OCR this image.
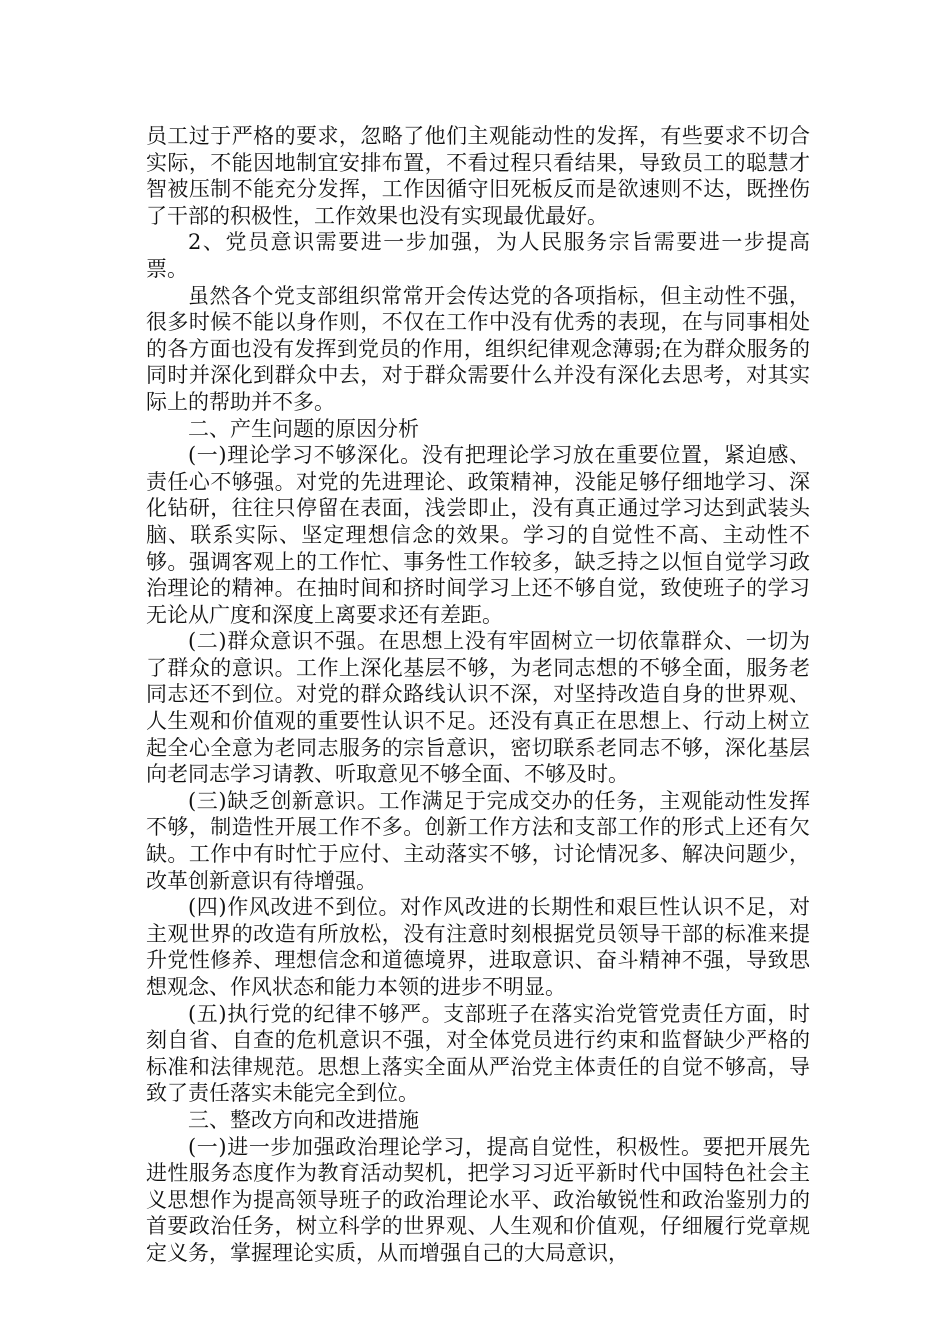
员工过于严格的要求，忽略了他们主观能动性的发挥，有些要求不切合实际，不能因地制宜安排布置，不看过程只看结果，导致员工的聪慧才智被压制不能充分发挥，工作因循守旧死板反而是欲速则不达，既挫伤了干部的积极性，工作效果也没有实现最优最好。

2、党员意识需要进一步加强，为人民服务宗旨需要进一步提高票。

虽然各个党支部组织常常开会传达党的各项指标，但主动性不强，很多时候不能以身作则，不仅在工作中没有优秀的表现，在与同事相处的各方面也没有发挥到党员的作用，组织纪律观念薄弱;在为群众服务的同时并深化到群众中去，对于群众需要什么并没有深化去思考，对其实际上的帮助并不多。

二、产生问题的原因分析

(一)理论学习不够深化。没有把理论学习放在重要位置，紧迫感、责任心不够强。对党的先进理论、政策精神，没能足够仔细地学习、深化钻研，往往只停留在表面，浅尝即止，没有真正通过学习达到武装头脑、联系实际、坚定理想信念的效果。学习的自觉性不高、主动性不够。强调客观上的工作忙、事务性工作较多，缺乏持之以恒自觉学习政治理论的精神。在抽时间和挤时间学习上还不够自觉，致使班子的学习无论从广度和深度上离要求还有差距。

(二)群众意识不强。在思想上没有牢固树立一切依靠群众、一切为了群众的意识。工作上深化基层不够，为老同志想的不够全面，服务老同志还不到位。对党的群众路线认识不深，对坚持改造自身的世界观、人生观和价值观的重要性认识不足。还没有真正在思想上、行动上树立起全心全意为老同志服务的宗旨意识，密切联系老同志不够，深化基层向老同志学习请教、听取意见不够全面、不够及时。

(三)缺乏创新意识。工作满足于完成交办的任务，主观能动性发挥不够，制造性开展工作不多。创新工作方法和支部工作的形式上还有欠缺。工作中有时忙于应付、主动落实不够，讨论情况多、解决问题少，改革创新意识有待增强。

(四)作风改进不到位。对作风改进的长期性和艰巨性认识不足，对主观世界的改造有所放松，没有注意时刻根据党员领导干部的标准来提升党性修养、理想信念和道德境界，进取意识、奋斗精神不强，导致思想观念、作风状态和能力本领的进步不明显。

(五)执行党的纪律不够严。支部班子在落实治党管党责任方面，时刻自省、自查的危机意识不强，对全体党员进行约束和监督缺少严格的标准和法律规范。思想上落实全面从严治党主体责任的自觉不够高，导致了责任落实未能完全到位。

三、整改方向和改进措施

(一)进一步加强政治理论学习，提高自觉性，积极性。要把开展先进性服务态度作为教育活动契机，把学习习近平新时代中国特色社会主义思想作为提高领导班子的政治理论水平、政治敏锐性和政治鉴别力的首要政治任务，树立科学的世界观、人生观和价值观，仔细履行党章规定义务，掌握理论实质，从而增强自己的大局意识，
